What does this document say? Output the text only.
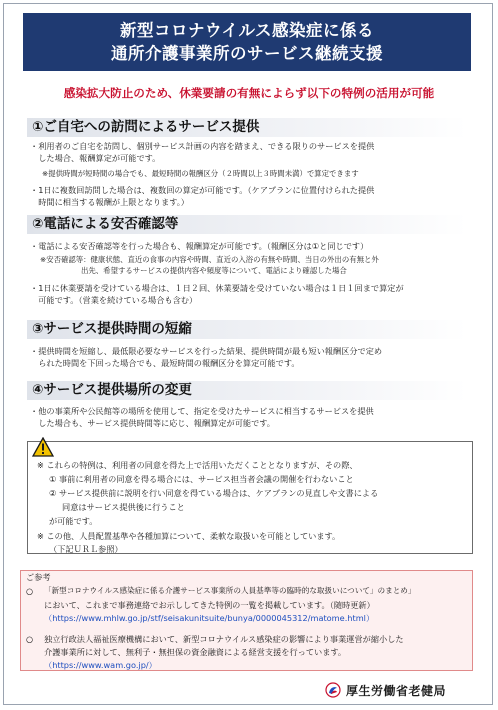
新型コロナウイルス感染症に係る
通所介護事業所のサービス継続支援
感染拡大防止のため、休業要請の有無によらず以下の特例の活用が可能
①ご自宅への訪問によるサービス提供
・利用者のご自宅を訪問し、個別サービス計画の内容を踏まえ、できる限りのサービスを提供
　した場合、報酬算定が可能です。
※提供時間が短時間の場合でも、最短時間の報酬区分（２時間以上３時間未満）で算定できます
・1日に複数回訪問した場合は、複数回の算定が可能です。（ケアプランに位置付けられた提供
　時間に相当する報酬が上限となります。）
②電話による安否確認等
・電話による安否確認等を行った場合も、報酬算定が可能です。（報酬区分は①と同じです）
※安否確認等：健康状態、直近の食事の内容や時間、直近の入浴の有無や時間、当日の外出の有無と外
出先、希望するサービスの提供内容や頻度等について、電話により確認した場合
・1日に休業要請を受けている場合は、１日２回、休業要請を受けていない場合は１日１回まで算定が
　可能です。（営業を続けている場合も含む）
③サービス提供時間の短縮
・提供時間を短縮し、最低限必要なサービスを行った結果、提供時間が最も短い報酬区分で定め
　られた時間を下回った場合でも、最短時間の報酬区分を算定可能です。
④サービス提供場所の変更
・他の事業所や公民館等の場所を使用して、指定を受けたサービスに相当するサービスを提供
　した場合も、サービス提供時間等に応じ、報酬算定が可能です。
※ これらの特例は、利用者の同意を得た上で活用いただくこととなりますが、その際、
① 事前に利用者の同意を得る場合には、サービス担当者会議の開催を行わないこと
② サービス提供前に説明を行い同意を得ている場合は、ケアプランの見直しや文書による
同意はサービス提供後に行うこと
が可能です。
※ この他、人員配置基準や各種加算について、柔軟な取扱いを可能としています。
（下記ＵＲＬ参照）
ご参考
○ 「新型コロナウイルス感染症に係る介護サービス事業所の人員基準等の臨時的な取扱いについて」のまとめ」
において、これまで事務連絡でお示ししてきた特例の一覧を掲載しています。（随時更新）
（https://www.mhlw.go.jp/stf/seisakunitsuite/bunya/0000045312/matome.html）
○ 独立行政法人福祉医療機構において、新型コロナウイルス感染症の影響により事業運営が縮小した
介護事業所に対して、無利子・無担保の資金融資による経営支援を行っています。
（https://www.wam.go.jp/）
厚生労働省老健局
